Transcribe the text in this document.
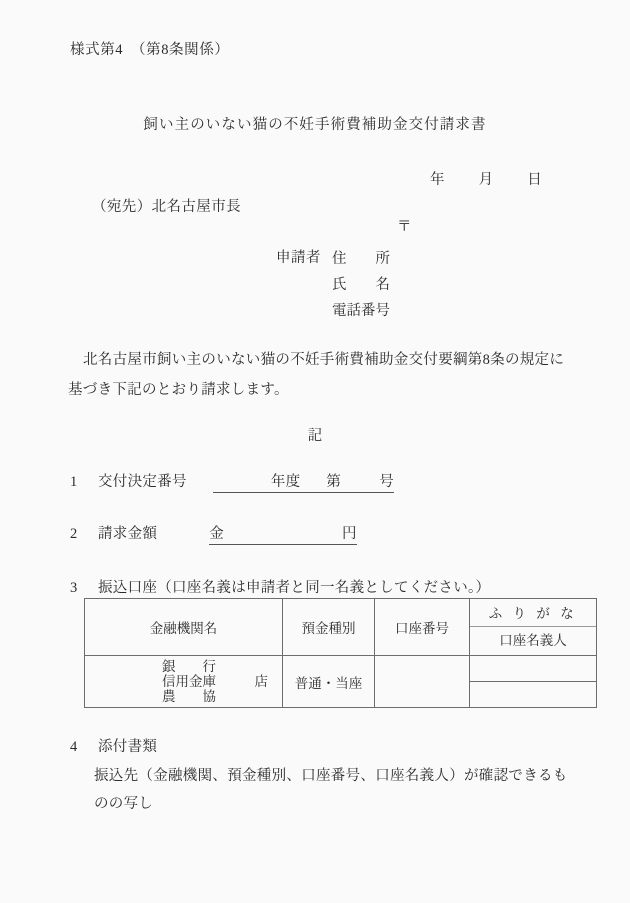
様式第4　（第8条関係）
飼い主のいない猫の不妊手術費補助金交付請求書
年 月 日
（宛先）北名古屋市長
〒
申請者 住　　所
氏　　名
電話番号
北名古屋市飼い主のいない猫の不妊手術費補助金交付要綱第8条の規定に基づき下記のとおり請求します。
記
1 交付決定番号	年度 第	号
2 請求金額	金	円
3 振込口座（口座名義は申請者と同一名義としてください。）
金融機関名	預金種別	口座番号	ふ り が な
口座名義人

銀　　行
信用金庫 店
農　　協	普通・当座		
4 添付書類
振込先（金融機関、預金種別、口座番号、口座名義人）が確認できるものの写し
